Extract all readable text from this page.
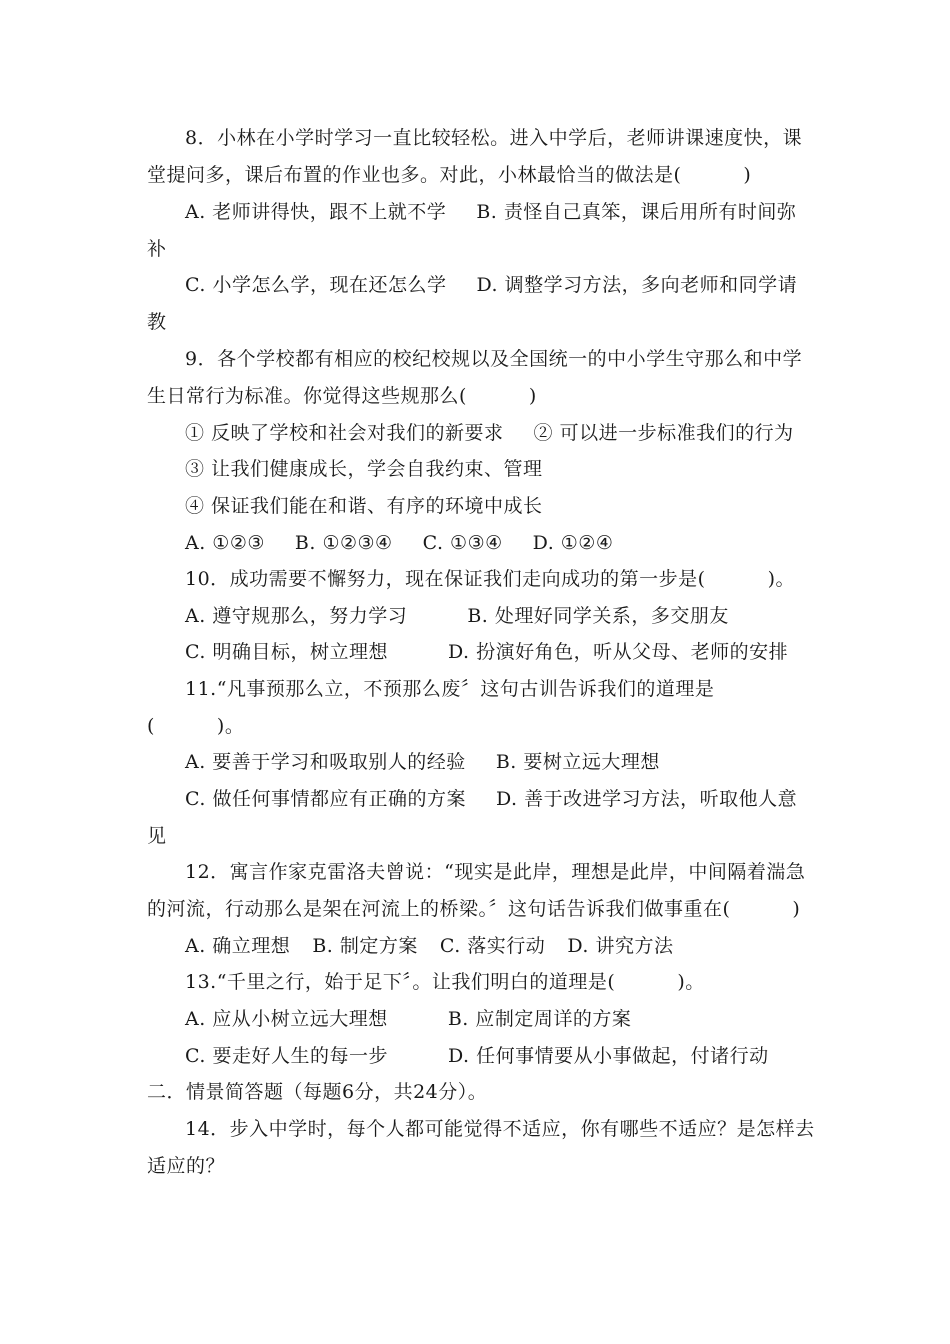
8．小林在小学时学习一直比较轻松。进入中学后，老师讲课速度快，课
堂提问多，课后布置的作业也多。对此，小林最恰当的做法是(	)
A. 老师讲得快，跟不上就不学 B. 责怪自己真笨，课后用所有时间弥
补
C. 小学怎么学，现在还怎么学 D. 调整学习方法，多向老师和同学请
教
9．各个学校都有相应的校纪校规以及全国统一的中小学生守那么和中学
生日常行为标准。你觉得这些规那么(	)
① 反映了学校和社会对我们的新要求 ② 可以进一步标准我们的行为
③ 让我们健康成长，学会自我约束、管理
④ 保证我们能在和谐、有序的环境中成长
A. ①②③ B. ①②③④ C. ①③④ D. ①②④
10．成功需要不懈努力，现在保证我们走向成功的第一步是(	)。
A. 遵守规那么，努力学习	B. 处理好同学关系，多交朋友
C. 明确目标，树立理想	D. 扮演好角色，听从父母、老师的安排
11.“凡事预那么立，不预那么废〞这句古训告诉我们的道理是
(	)。
A. 要善于学习和吸取别人的经验 B. 要树立远大理想
C. 做任何事情都应有正确的方案 D. 善于改进学习方法，听取他人意
见
12．寓言作家克雷洛夫曾说：“现实是此岸，理想是此岸，中间隔着湍急
的河流，行动那么是架在河流上的桥梁。〞这句话告诉我们做事重在(	)
A. 确立理想 B. 制定方案 C. 落实行动 D. 讲究方法
13.“千里之行，始于足下〞。让我们明白的道理是(	)。
A. 应从小树立远大理想	B. 应制定周详的方案
C. 要走好人生的每一步	D. 任何事情要从小事做起，付诸行动
二．情景简答题（每题6分，共24分）。
14．步入中学时，每个人都可能觉得不适应，你有哪些不适应？是怎样去
适应的？
